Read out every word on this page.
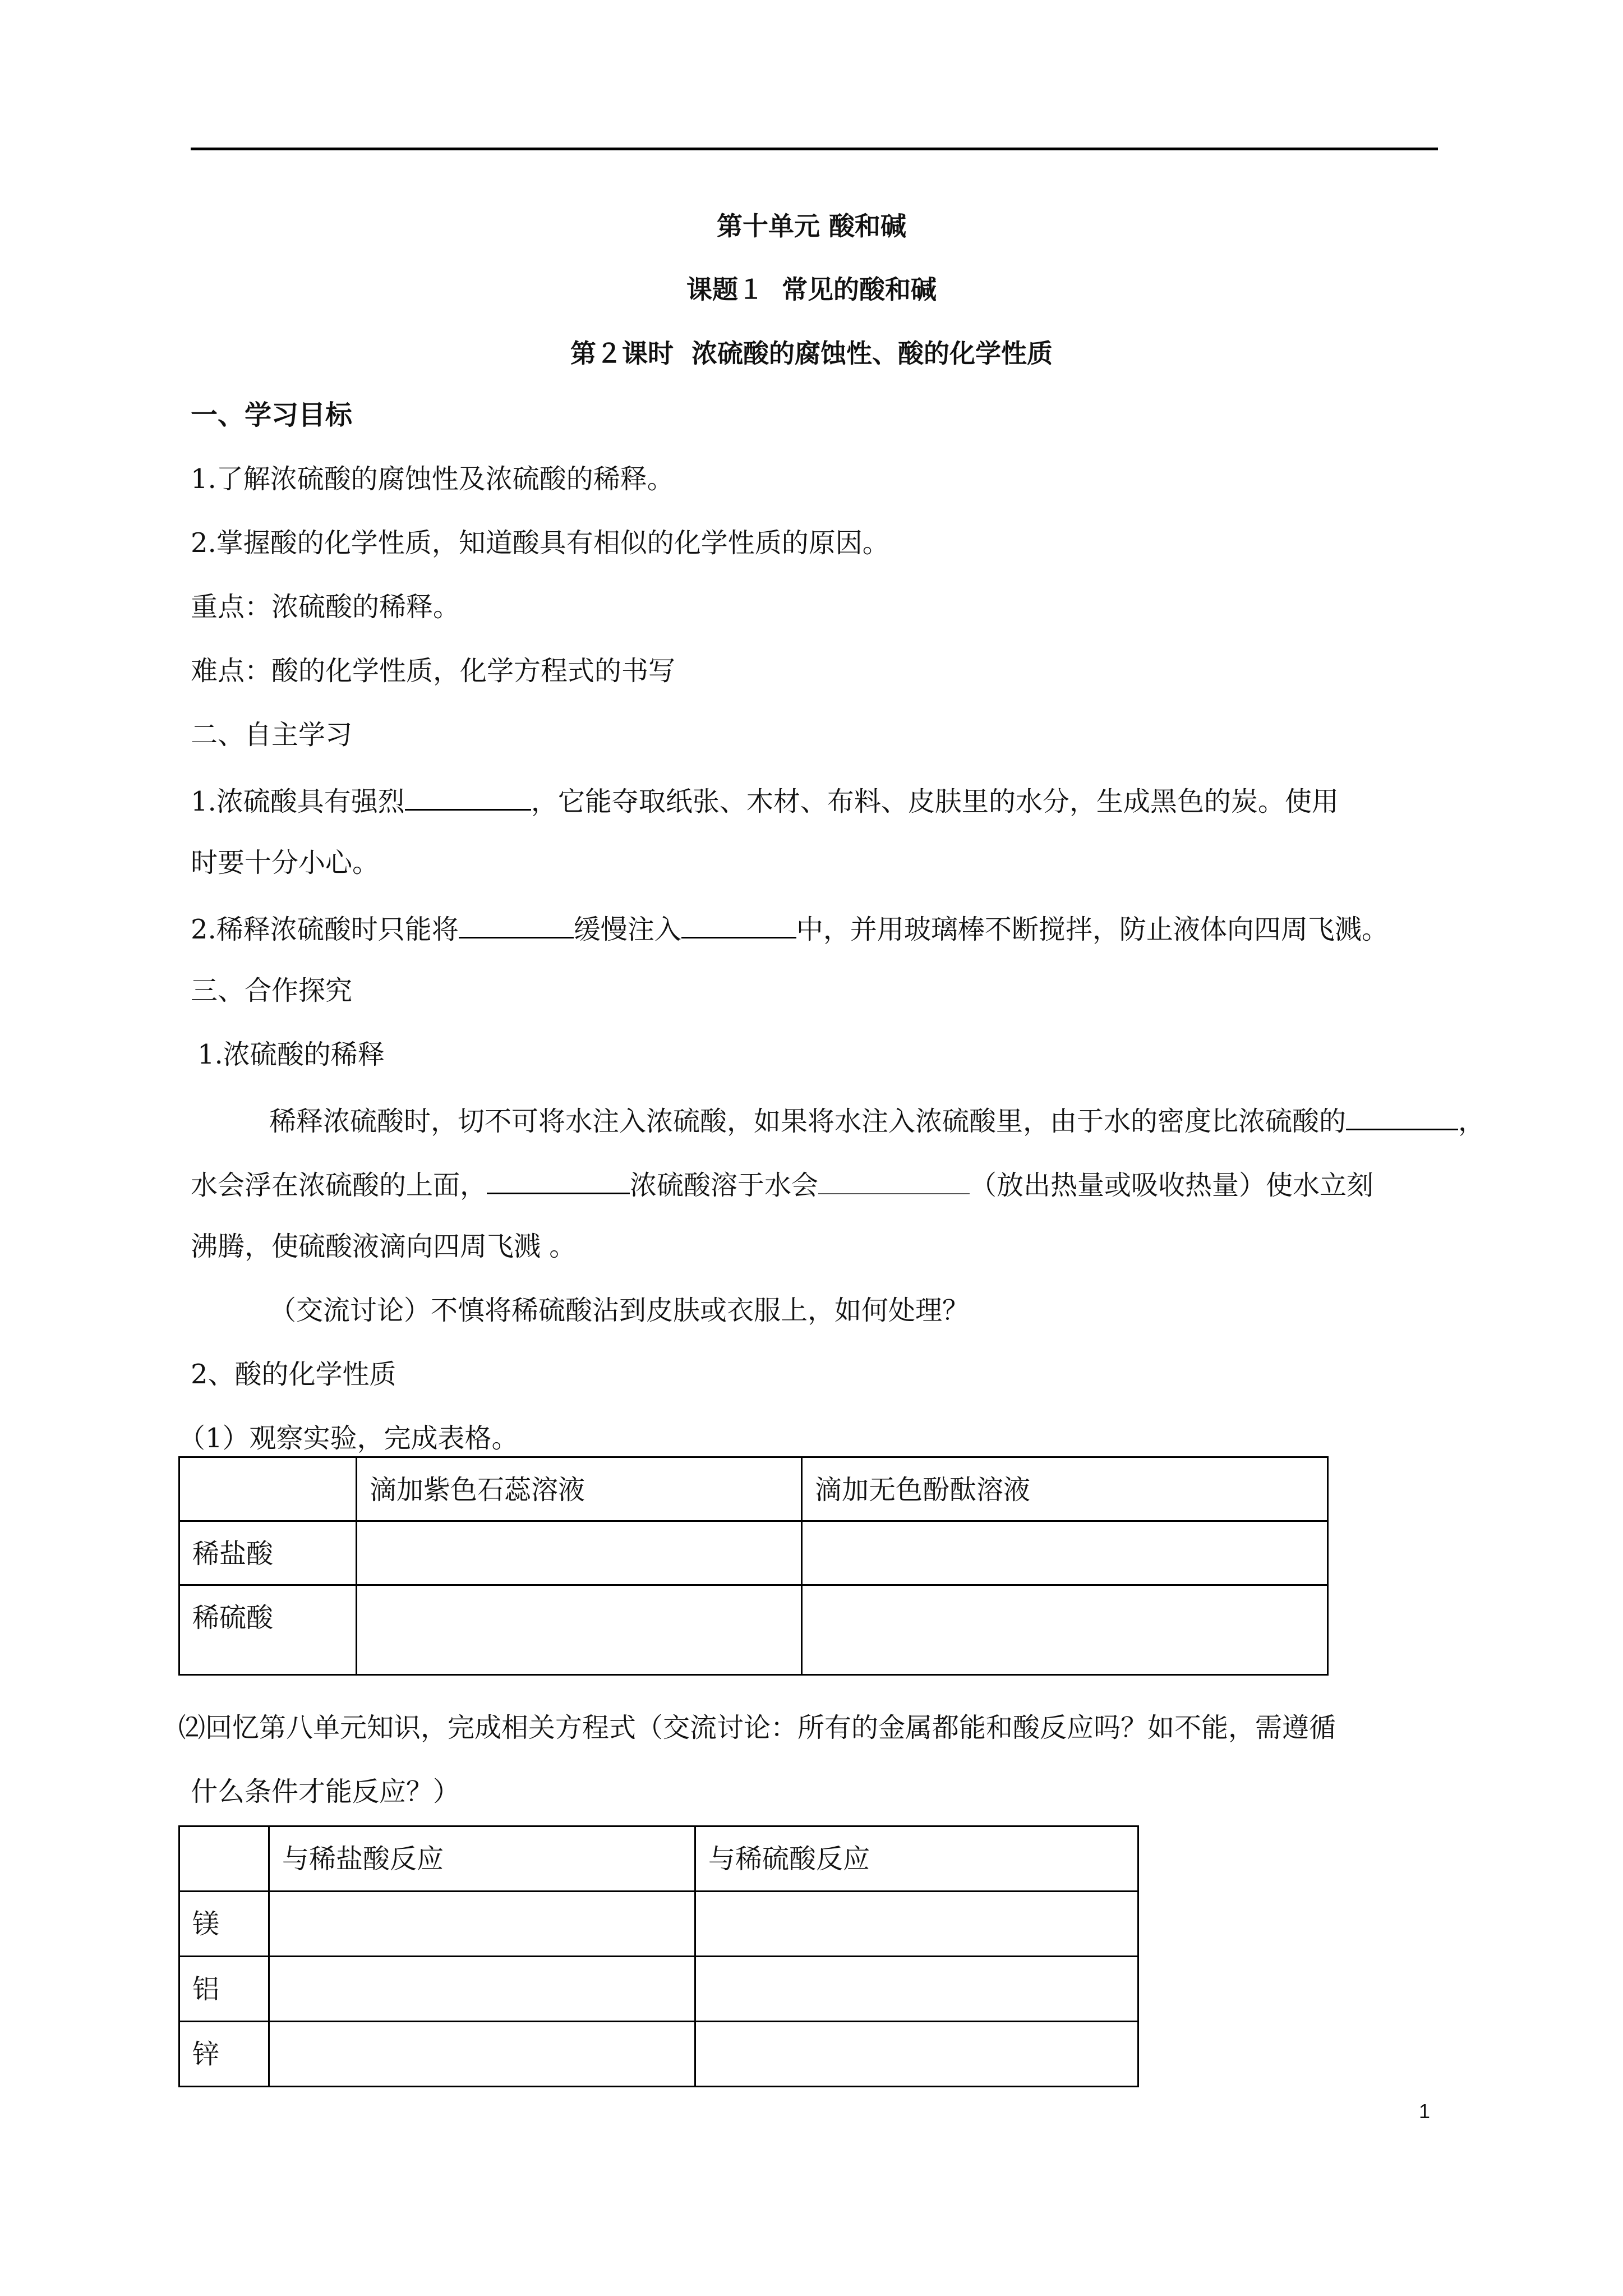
第十单元 酸和碱
课题１  常见的酸和碱
第２课时  浓硫酸的腐蚀性、酸的化学性质
一、学习目标
1.了解浓硫酸的腐蚀性及浓硫酸的稀释。
2.掌握酸的化学性质，知道酸具有相似的化学性质的原因。
重点：浓硫酸的稀释。
难点：酸的化学性质，化学方程式的书写
二、自主学习
1.浓硫酸具有强烈	，它能夺取纸张、木材、布料、皮肤里的水分，生成黑色的炭。使用
时要十分小心。
2.稀释浓硫酸时只能将	缓慢注入	中，并用玻璃棒不断搅拌，防止液体向四周飞溅。
三、合作探究
1.浓硫酸的稀释
稀释浓硫酸时，切不可将水注入浓硫酸，如果将水注入浓硫酸里，由于水的密度比浓硫酸的	，
水会浮在浓硫酸的上面，	浓硫酸溶于水会	（放出热量或吸收热量）使水立刻
沸腾，使硫酸液滴向四周飞溅 。
（交流讨论）不慎将稀硫酸沾到皮肤或衣服上，如何处理？
2、酸的化学性质
（1）观察实验，完成表格。
	滴加紫色石蕊溶液	滴加无色酚酞溶液
稀盐酸		
稀硫酸		
⑵回忆第八单元知识，完成相关方程式（交流讨论：所有的金属都能和酸反应吗？如不能，需遵循
什么条件才能反应？）
	与稀盐酸反应	与稀硫酸反应
镁		
铝		
锌		
1
